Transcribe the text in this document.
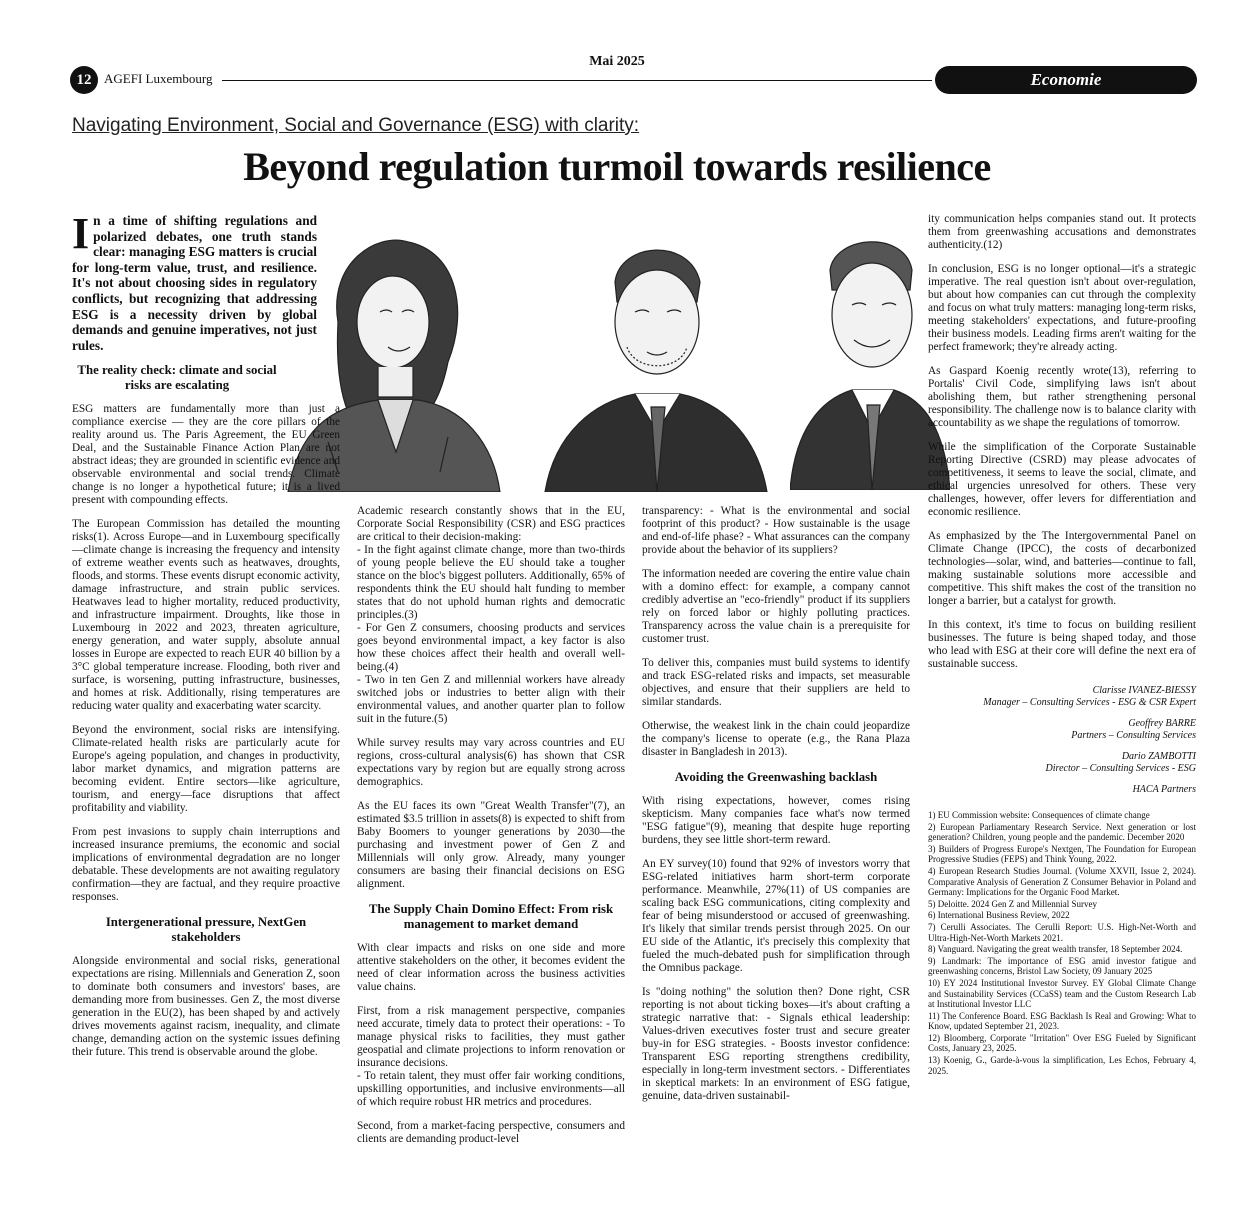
Mai 2025
12 AGEFI Luxembourg	Economie
Navigating Environment, Social and Governance (ESG) with clarity:
Beyond regulation turmoil towards resilience
In a time of shifting regulations and polarized debates, one truth stands clear: managing ESG matters is crucial for long-term value, trust, and resilience. It's not about choosing sides in regulatory conflicts, but recognizing that addressing ESG is a necessity driven by global demands and genuine imperatives, not just rules.
The reality check: climate and social risks are escalating

ESG matters are fundamentally more than just a compliance exercise — they are the core pillars of the reality around us. The Paris Agreement, the EU Green Deal, and the Sustainable Finance Action Plan are not abstract ideas; they are grounded in scientific evidence and observable environmental and social trends. Climate change is no longer a hypothetical future; it is a lived present with compounding effects.

The European Commission has detailed the mounting risks(1). Across Europe—and in Luxembourg specifically—climate change is increasing the frequency and intensity of extreme weather events such as heatwaves, droughts, floods, and storms. These events disrupt economic activity, damage infrastructure, and strain public services. Heatwaves lead to higher mortality, reduced productivity, and infrastructure impairment. Droughts, like those in Luxembourg in 2022 and 2023, threaten agriculture, energy generation, and water supply, absolute annual losses in Europe are expected to reach EUR 40 billion by a 3°C global temperature increase. Flooding, both river and surface, is worsening, putting infrastructure, businesses, and homes at risk. Additionally, rising temperatures are reducing water quality and exacerbating water scarcity.

Beyond the environment, social risks are intensifying. Climate-related health risks are particularly acute for Europe's ageing population, and changes in productivity, labor market dynamics, and migration patterns are becoming evident. Entire sectors—like agriculture, tourism, and energy—face disruptions that affect profitability and viability.

From pest invasions to supply chain interruptions and increased insurance premiums, the economic and social implications of environmental degradation are no longer debatable. These developments are not awaiting regulatory confirmation—they are factual, and they require proactive responses.

Intergenerational pressure, NextGen stakeholders

Alongside environmental and social risks, generational expectations are rising. Millennials and Generation Z, soon to dominate both consumers and investors' bases, are demanding more from businesses. Gen Z, the most diverse generation in the EU(2), has been shaped by and actively drives movements against racism, inequality, and climate change, demanding action on the systemic issues defining their future. This trend is observable around the globe.

Academic research constantly shows that in the EU, Corporate Social Responsibility (CSR) and ESG practices are critical to their decision-making:

- In the fight against climate change, more than two-thirds of young people believe the EU should take a tougher stance on the bloc's biggest polluters. Additionally, 65% of respondents think the EU should halt funding to member states that do not uphold human rights and democratic principles.(3)

- For Gen Z consumers, choosing products and services goes beyond environmental impact, a key factor is also how these choices affect their health and overall well-being.(4)

- Two in ten Gen Z and millennial workers have already switched jobs or industries to better align with their environmental values, and another quarter plan to follow suit in the future.(5)

While survey results may vary across countries and EU regions, cross-cultural analysis(6) has shown that CSR expectations vary by region but are equally strong across demographics.

As the EU faces its own "Great Wealth Transfer"(7), an estimated $3.5 trillion in assets(8) is expected to shift from Baby Boomers to younger generations by 2030—the purchasing and investment power of Gen Z and Millennials will only grow. Already, many younger consumers are basing their financial decisions on ESG alignment.

The Supply Chain Domino Effect: From risk management to market demand

With clear impacts and risks on one side and more attentive stakeholders on the other, it becomes evident the need of clear information across the business activities value chains.

First, from a risk management perspective, companies need accurate, timely data to protect their operations: - To manage physical risks to facilities, they must gather geospatial and climate projections to inform renovation or insurance decisions.

- To retain talent, they must offer fair working conditions, upskilling opportunities, and inclusive environments—all of which require robust HR metrics and procedures.

Second, from a market-facing perspective, consumers and clients are demanding product-level

transparency: - What is the environmental and social footprint of this product? - How sustainable is the usage and end-of-life phase? - What assurances can the company provide about the behavior of its suppliers?

The information needed are covering the entire value chain with a domino effect: for example, a company cannot credibly advertise an "eco-friendly" product if its suppliers rely on forced labor or highly polluting practices. Transparency across the value chain is a prerequisite for customer trust.

To deliver this, companies must build systems to identify and track ESG-related risks and impacts, set measurable objectives, and ensure that their suppliers are held to similar standards.

Otherwise, the weakest link in the chain could jeopardize the company's license to operate (e.g., the Rana Plaza disaster in Bangladesh in 2013).

Avoiding the Greenwashing backlash

With rising expectations, however, comes rising skepticism. Many companies face what's now termed "ESG fatigue"(9), meaning that despite huge reporting burdens, they see little short-term reward.

An EY survey(10) found that 92% of investors worry that ESG-related initiatives harm short-term corporate performance. Meanwhile, 27%(11) of US companies are scaling back ESG communications, citing complexity and fear of being misunderstood or accused of greenwashing. It's likely that similar trends persist through 2025. On our EU side of the Atlantic, it's precisely this complexity that fueled the much-debated push for simplification through the Omnibus package.

Is "doing nothing" the solution then? Done right, CSR reporting is not about ticking boxes—it's about crafting a strategic narrative that: - Signals ethical leadership: Values-driven executives foster trust and secure greater buy-in for ESG strategies. - Boosts investor confidence: Transparent ESG reporting strengthens credibility, especially in long-term investment sectors. - Differentiates in skeptical markets: In an environment of ESG fatigue, genuine, data-driven sustainabil-

ity communication helps companies stand out. It protects them from greenwashing accusations and demonstrates authenticity.(12)

In conclusion, ESG is no longer optional—it's a strategic imperative. The real question isn't about over-regulation, but about how companies can cut through the complexity and focus on what truly matters: managing long-term risks, meeting stakeholders' expectations, and future-proofing their business models. Leading firms aren't waiting for the perfect framework; they're already acting.

As Gaspard Koenig recently wrote(13), referring to Portalis' Civil Code, simplifying laws isn't about abolishing them, but rather strengthening personal responsibility. The challenge now is to balance clarity with accountability as we shape the regulations of tomorrow.

While the simplification of the Corporate Sustainable Reporting Directive (CSRD) may please advocates of competitiveness, it seems to leave the social, climate, and ethical urgencies unresolved for others. These very challenges, however, offer levers for differentiation and economic resilience.

As emphasized by the The Intergovernmental Panel on Climate Change (IPCC), the costs of decarbonized technologies—solar, wind, and batteries—continue to fall, making sustainable solutions more accessible and competitive. This shift makes the cost of the transition no longer a barrier, but a catalyst for growth.

In this context, it's time to focus on building resilient businesses. The future is being shaped today, and those who lead with ESG at their core will define the next era of sustainable success.

Clarisse IVANEZ-BIESSY
Manager – Consulting Services - ESG & CSR Expert
Geoffrey BARRE
Partners – Consulting Services
Dario ZAMBOTTI
Director – Consulting Services - ESG
HACA Partners
1) EU Commission website: Consequences of climate change
2) European Parliamentary Research Service. Next generation or lost generation? Children, young people and the pandemic. December 2020
3) Builders of Progress Europe's Nextgen, The Foundation for European Progressive Studies (FEPS) and Think Young, 2022.
4) European Research Studies Journal. (Volume XXVII, Issue 2, 2024). Comparative Analysis of Generation Z Consumer Behavior in Poland and Germany: Implications for the Organic Food Market.
5) Deloitte. 2024 Gen Z and Millennial Survey
6) International Business Review, 2022
7) Cerulli Associates. The Cerulli Report: U.S. High-Net-Worth and Ultra-High-Net-Worth Markets 2021.
8) Vanguard. Navigating the great wealth transfer, 18 September 2024.
9) Landmark: The importance of ESG amid investor fatigue and greenwashing concerns, Bristol Law Society, 09 January 2025
10) EY 2024 Institutional Investor Survey. EY Global Climate Change and Sustainability Services (CCaSS) team and the Custom Research Lab at Institutional Investor LLC
11) The Conference Board. ESG Backlash Is Real and Growing: What to Know, updated September 21, 2023.
12) Bloomberg, Corporate "Irritation" Over ESG Fueled by Significant Costs, January 23, 2025.
13) Koenig, G., Garde-à-vous la simplification, Les Echos, February 4, 2025.
